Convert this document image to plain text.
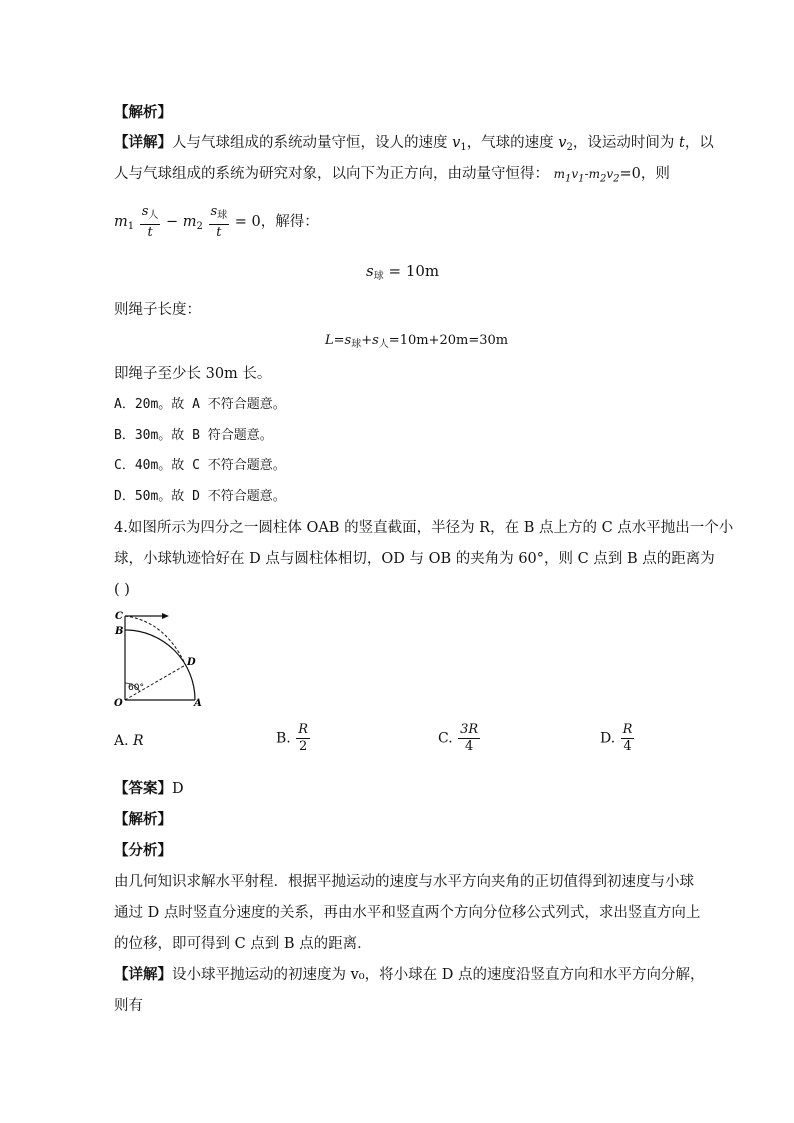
【解析】
【详解】人与气球组成的系统动量守恒，设人的速度 $v_1$，气球的速度 $v_2$，设运动时间为 t，以
人与气球组成的系统为研究对象，以向下为正方向，由动量守恒得： $m_1v_1-m_2v_2=0$，则
$m_1 \frac{s_人}{t} - m_2 \frac{s_球}{t} = 0$，解得：
$s_球 = 10m$
则绳子长度：
$L=s_球+s_人=10m+20m=30m$
即绳子至少长 30m 长。
A．20m。故 A 不符合题意。
B．30m。故 B 符合题意。
C．40m。故 C 不符合题意。
D．50m。故 D 不符合题意。
4.如图所示为四分之一圆柱体 OAB 的竖直截面，半径为 R，在 B 点上方的 C 点水平抛出一个小
球，小球轨迹恰好在 D 点与圆柱体相切，OD 与 OB 的夹角为 60°，则 C 点到 B 点的距离为
( )
C
B
D
O	A
60°
A. R	B. $\frac{R}{2}$	C. $\frac{3R}{4}$	D. $\frac{R}{4}$
【答案】D
【解析】
【分析】
由几何知识求解水平射程．根据平抛运动的速度与水平方向夹角的正切值得到初速度与小球
通过 D 点时竖直分速度的关系，再由水平和竖直两个方向分位移公式列式，求出竖直方向上
的位移，即可得到 C 点到 B 点的距离．
【详解】设小球平抛运动的初速度为 v₀，将小球在 D 点的速度沿竖直方向和水平方向分解，
则有
